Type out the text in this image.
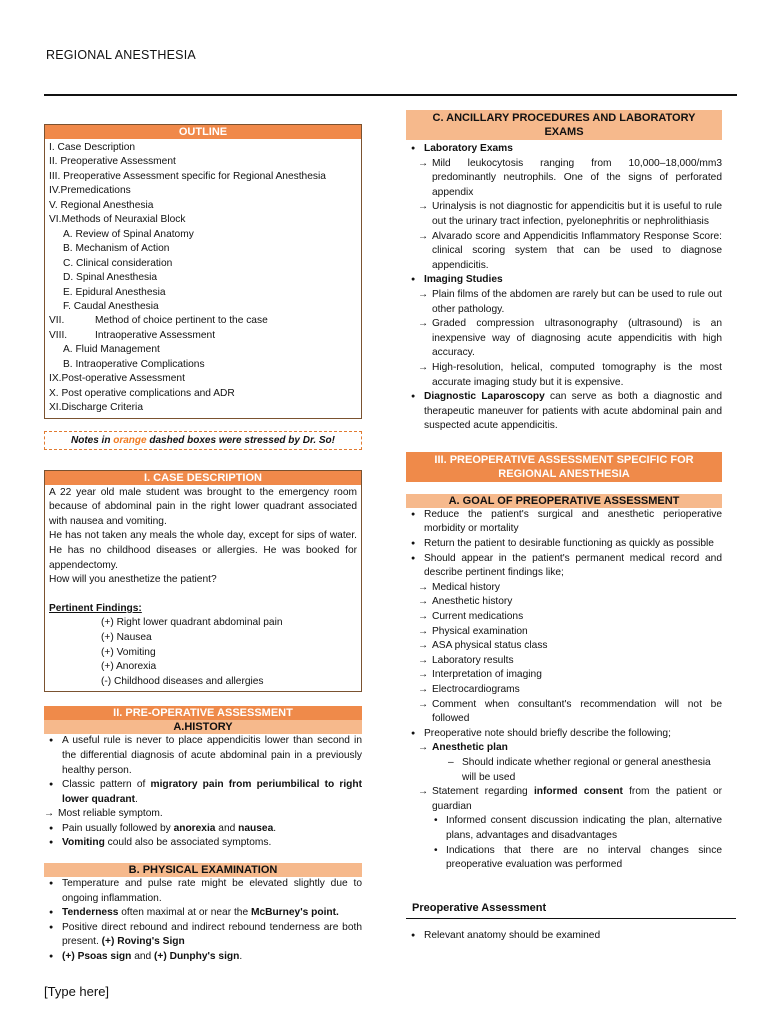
REGIONAL ANESTHESIA
OUTLINE
I. Case Description
II. Preoperative Assessment
III. Preoperative Assessment specific for Regional Anesthesia
IV.Premedications
V. Regional Anesthesia
VI.Methods of Neuraxial Block
A. Review of Spinal Anatomy
B. Mechanism of Action
C. Clinical consideration
D. Spinal Anesthesia
E. Epidural Anesthesia
F. Caudal Anesthesia
VII.	Method of choice pertinent to the case
VIII.	Intraoperative Assessment
A. Fluid Management
B. Intraoperative Complications
IX.Post-operative Assessment
X. Post operative complications and ADR
XI.Discharge Criteria
Notes in orange dashed boxes were stressed by Dr. So!
I. CASE DESCRIPTION

A 22 year old male student was brought to the emergency room because of abdominal pain in the right lower quadrant associated with nausea and vomiting.

He has not taken any meals the whole day, except for sips of water. He has no childhood diseases or allergies. He was booked for appendectomy.

How will you anesthetize the patient?

Pertinent Findings:
(+) Right lower quadrant abdominal pain
(+) Nausea
(+) Vomiting
(+) Anorexia
(-) Childhood diseases and allergies
II. PRE-OPERATIVE ASSESSMENT
A.HISTORY
● A useful rule is never to place appendicitis lower than second in the differential diagnosis of acute abdominal pain in a previously healthy person.
● Classic pattern of migratory pain from periumbilical to right lower quadrant.
→ Most reliable symptom.
● Pain usually followed by anorexia and nausea.
● Vomiting could also be associated symptoms.
B. PHYSICAL EXAMINATION
● Temperature and pulse rate might be elevated slightly due to ongoing inflammation.
● Tenderness often maximal at or near the McBurney's point.
● Positive direct rebound and indirect rebound tenderness are both present. (+) Roving's Sign
● (+) Psoas sign and (+) Dunphy's sign.
C. ANCILLARY PROCEDURES AND LABORATORY EXAMS
● Laboratory Exams
→ Mild leukocytosis ranging from 10,000–18,000/mm3 predominantly neutrophils. One of the signs of perforated appendix
→ Urinalysis is not diagnostic for appendicitis but it is useful to rule out the urinary tract infection, pyelonephritis or nephrolithiasis
→ Alvarado score and Appendicitis Inflammatory Response Score: clinical scoring system that can be used to diagnose appendicitis.
● Imaging Studies
→ Plain films of the abdomen are rarely but can be used to rule out other pathology.
→ Graded compression ultrasonography (ultrasound) is an inexpensive way of diagnosing acute appendicitis with high accuracy.
→ High-resolution, helical, computed tomography is the most accurate imaging study but it is expensive.
● Diagnostic Laparoscopy can serve as both a diagnostic and therapeutic maneuver for patients with acute abdominal pain and suspected acute appendicitis.
III. PREOPERATIVE ASSESSMENT SPECIFIC FOR REGIONAL ANESTHESIA
A. GOAL OF PREOPERATIVE ASSESSMENT
● Reduce the patient's surgical and anesthetic perioperative morbidity or mortality
● Return the patient to desirable functioning as quickly as possible
● Should appear in the patient's permanent medical record and describe pertinent findings like;
→ Medical history
→ Anesthetic history
→ Current medications
→ Physical examination
→ ASA physical status class
→ Laboratory results
→ Interpretation of imaging
→ Electrocardiograms
→ Comment when consultant's recommendation will not be followed
● Preoperative note should briefly describe the following;
→ Anesthetic plan
– Should indicate whether regional or general anesthesia will be used
→ Statement regarding informed consent from the patient or guardian
• Informed consent discussion indicating the plan, alternative plans, advantages and disadvantages
• Indications that there are no interval changes since preoperative evaluation was performed
Preoperative Assessment
● Relevant anatomy should be examined
[Type here]
